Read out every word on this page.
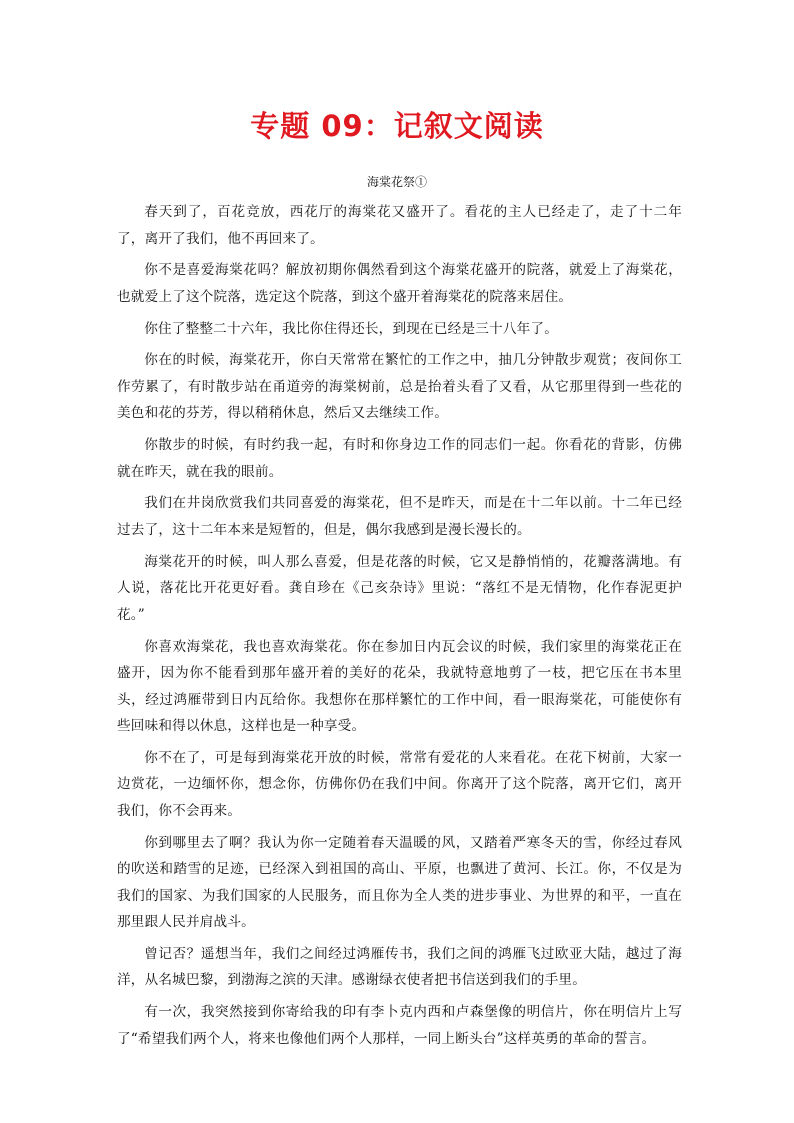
专题 09：记叙文阅读

海棠花祭①

春天到了，百花竞放，西花厅的海棠花又盛开了。看花的主人已经走了，走了十二年了，离开了我们，他不再回来了。

你不是喜爱海棠花吗？解放初期你偶然看到这个海棠花盛开的院落，就爱上了海棠花，也就爱上了这个院落，选定这个院落，到这个盛开着海棠花的院落来居住。

你住了整整二十六年，我比你住得还长，到现在已经是三十八年了。

你在的时候，海棠花开，你白天常常在繁忙的工作之中，抽几分钟散步观赏；夜间你工作劳累了，有时散步站在甬道旁的海棠树前，总是抬着头看了又看，从它那里得到一些花的美色和花的芬芳，得以稍稍休息，然后又去继续工作。

你散步的时候，有时约我一起，有时和你身边工作的同志们一起。你看花的背影，仿佛就在昨天，就在我的眼前。

我们在井岗欣赏我们共同喜爱的海棠花，但不是昨天，而是在十二年以前。十二年已经过去了，这十二年本来是短暂的，但是，偶尔我感到是漫长漫长的。

海棠花开的时候，叫人那么喜爱，但是花落的时候，它又是静悄悄的，花瓣落满地。有人说，落花比开花更好看。龚自珍在《己亥杂诗》里说：“落红不是无情物，化作春泥更护花。”

你喜欢海棠花，我也喜欢海棠花。你在参加日内瓦会议的时候，我们家里的海棠花正在盛开，因为你不能看到那年盛开着的美好的花朵，我就特意地剪了一枝，把它压在书本里头，经过鸿雁带到日内瓦给你。我想你在那样繁忙的工作中间，看一眼海棠花，可能使你有些回味和得以休息，这样也是一种享受。

你不在了，可是每到海棠花开放的时候，常常有爱花的人来看花。在花下树前，大家一边赏花，一边缅怀你，想念你，仿佛你仍在我们中间。你离开了这个院落，离开它们，离开我们，你不会再来。

你到哪里去了啊？我认为你一定随着春天温暖的风，又踏着严寒冬天的雪，你经过春风的吹送和踏雪的足迹，已经深入到祖国的高山、平原，也飘进了黄河、长江。你，不仅是为我们的国家、为我们国家的人民服务，而且你为全人类的进步事业、为世界的和平，一直在那里跟人民并肩战斗。

曾记否？遥想当年，我们之间经过鸿雁传书，我们之间的鸿雁飞过欧亚大陆，越过了海洋，从名城巴黎，到渤海之滨的天津。感谢绿衣使者把书信送到我们的手里。

有一次，我突然接到你寄给我的印有李卜克内西和卢森堡像的明信片，你在明信片上写了“希望我们两个人，将来也像他们两个人那样，一同上断头台”这样英勇的革命的誓言。
